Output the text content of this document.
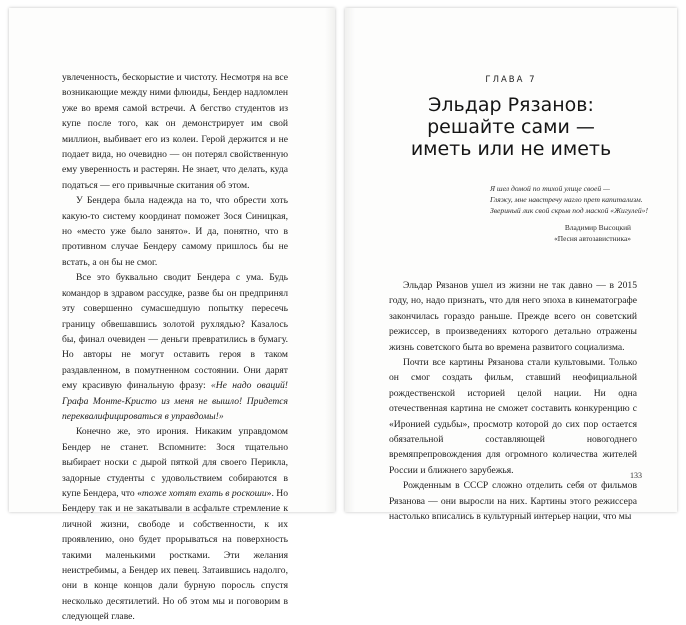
увлеченность, бескорыстие и чистоту. Несмотря на все возникающие между ними флюиды, Бендер надломлен уже во время самой встречи. А бегство студентов из купе после того, как он демонстрирует им свой миллион, выбивает его из колеи. Герой держится и не подает вида, но очевидно — он потерял свойственную ему уверенность и растерян. Не знает, что делать, куда податься — его привычные скитания об этом.

У Бендера была надежда на то, что обрести хоть какую-то систему координат поможет Зося Синицкая, но «место уже было занято». И да, понятно, что в противном случае Бендеру самому пришлось бы не встать, а он бы не смог.

Все это буквально сводит Бендера с ума. Будь командор в здравом рассудке, разве бы он предпринял эту совершенно сумасшедшую попытку пересечь границу обвешавшись золотой рухлядью? Казалось бы, финал очевиден — деньги превратились в бумагу. Но авторы не могут оставить героя в таком раздавленном, в помутненном состоянии. Они дарят ему красивую финальную фразу: «Не надо оваций! Графа Монте-Кристо из меня не вышло! Придется переквалифицироваться в управдомы!»

Конечно же, это ирония. Никаким управдомом Бендер не станет. Вспомните: Зося тщательно выбирает носки с дырой пяткой для своего Перикла, задорные студенты с удовольствием собираются в купе Бендера, что «тоже хотят ехать в роскоши». Но Бендеру так и не закатывали в асфальте стремление к личной жизни, свободе и собственности, к их проявлению, оно будет прорываться на поверхность такими маленькими ростками. Эти желания неистребимы, а Бендер их певец. Затаившись надолго, они в конце концов дали бурную поросль спустя несколько десятилетий. Но об этом мы и поговорим в следующей главе.

ГЛАВА 7
Эльдар Рязанов:
решайте сами —
иметь или не иметь
Я шел домой по тихой улице своей —
Гляжу, мне навстречу нагло прет капитализм.
Звериный лик свой скрыв под маской «Жигулей»!
Владимир Высоцкий
«Песня автозавистника»

Эльдар Рязанов ушел из жизни не так давно — в 2015 году, но, надо признать, что для него эпоха в кинематографе закончилась гораздо раньше. Прежде всего он советский режиссер, в произведениях которого детально отражены жизнь советского быта во времена развитого социализма.

Почти все картины Рязанова стали культовыми. Только он смог создать фильм, ставший неофициальной рождественской историей целой нации. Ни одна отечественная картина не сможет составить конкуренцию с «Иронией судьбы», просмотр которой до сих пор остается обязательной составляющей новогоднего времяпрепровождения для огромного количества жителей России и ближнего зарубежья.

Рожденным в СССР сложно отделить себя от фильмов Рязанова — они выросли на них. Картины этого режиссера настолько вписались в культурный интерьер нации, что мы

133
